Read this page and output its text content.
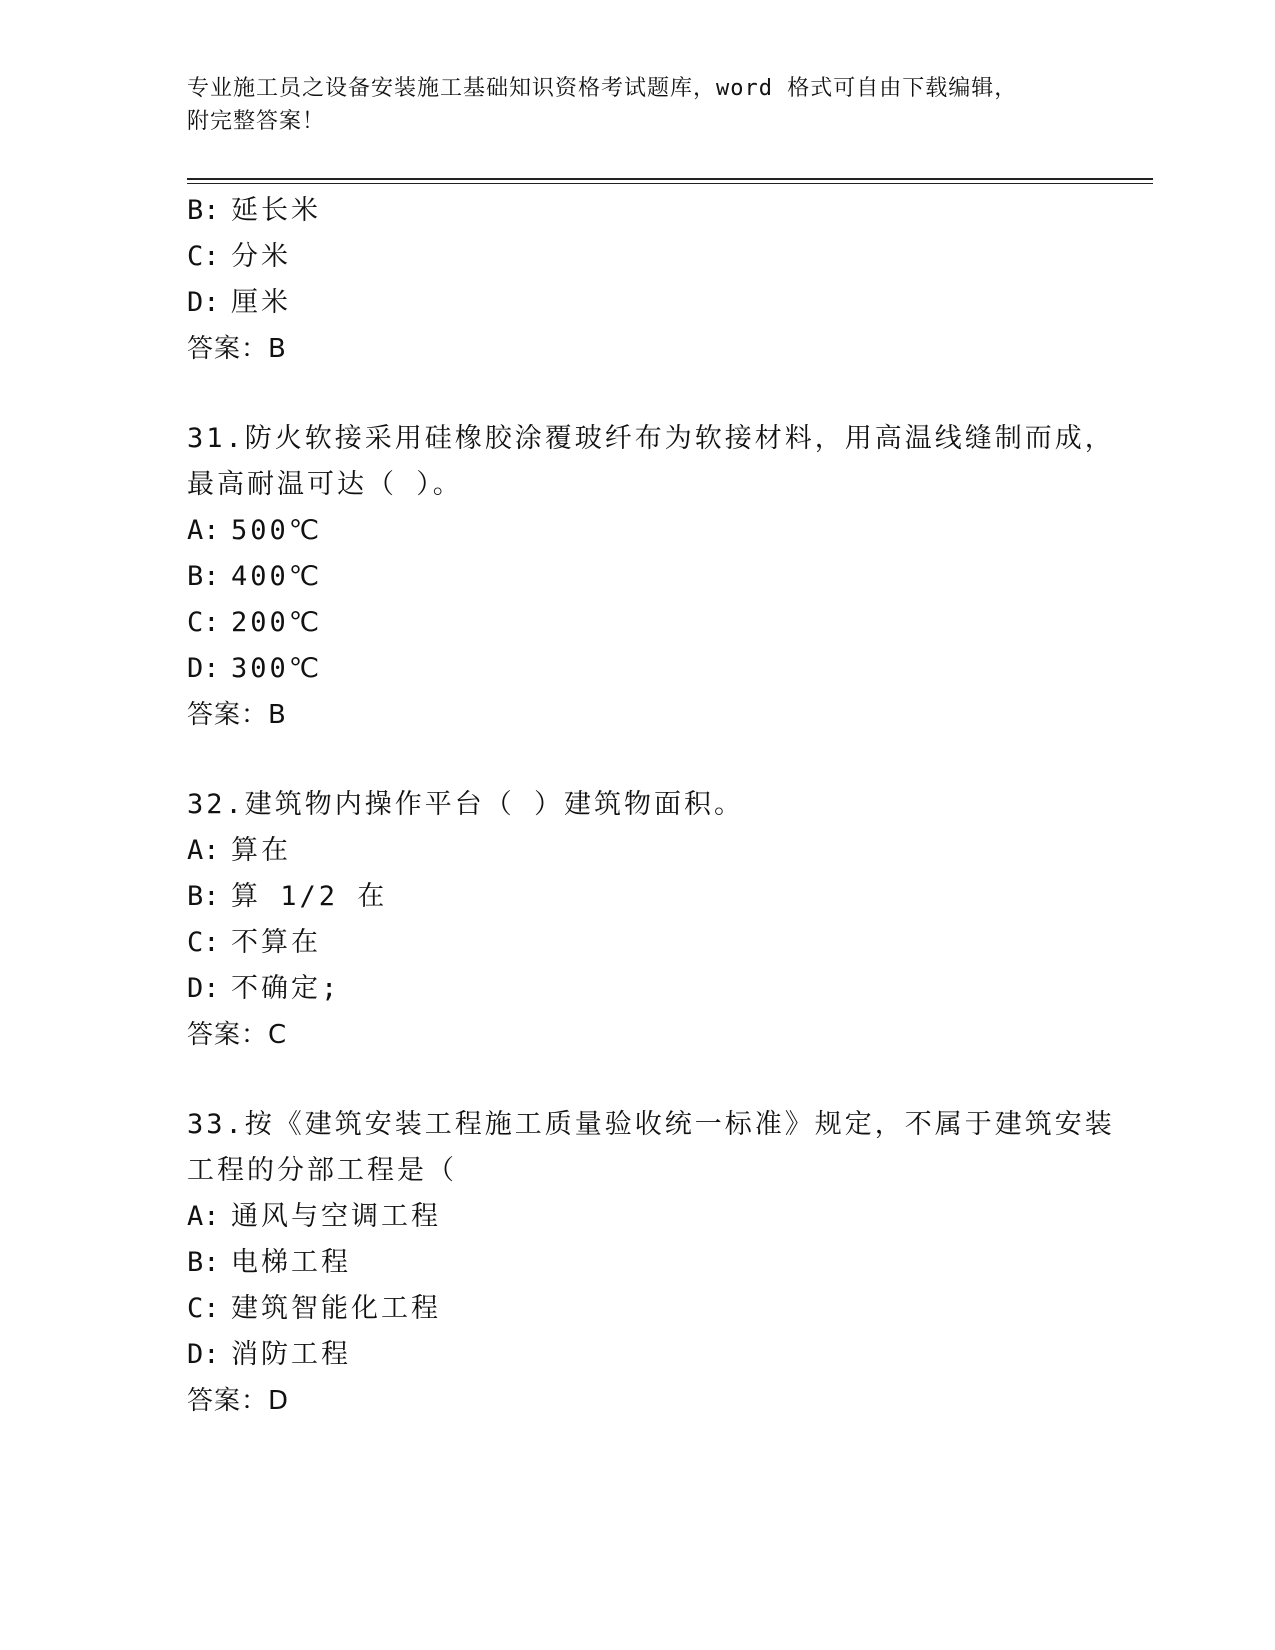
专业施工员之设备安装施工基础知识资格考试题库，word 格式可自由下载编辑，
附完整答案！
B: 延长米
C: 分米
D: 厘米
答案：B
31.防火软接采用硅橡胶涂覆玻纤布为软接材料，用高温线缝制而成，
最高耐温可达（ ）。
A: 500℃
B: 400℃
C: 200℃
D: 300℃
答案：B
32.建筑物内操作平台（ ）建筑物面积。
A: 算在
B: 算 1/2 在
C: 不算在
D: 不确定;
答案：C
33.按《建筑安装工程施工质量验收统一标准》规定，不属于建筑安装
工程的分部工程是（
A: 通风与空调工程
B: 电梯工程
C: 建筑智能化工程
D: 消防工程
答案：D
